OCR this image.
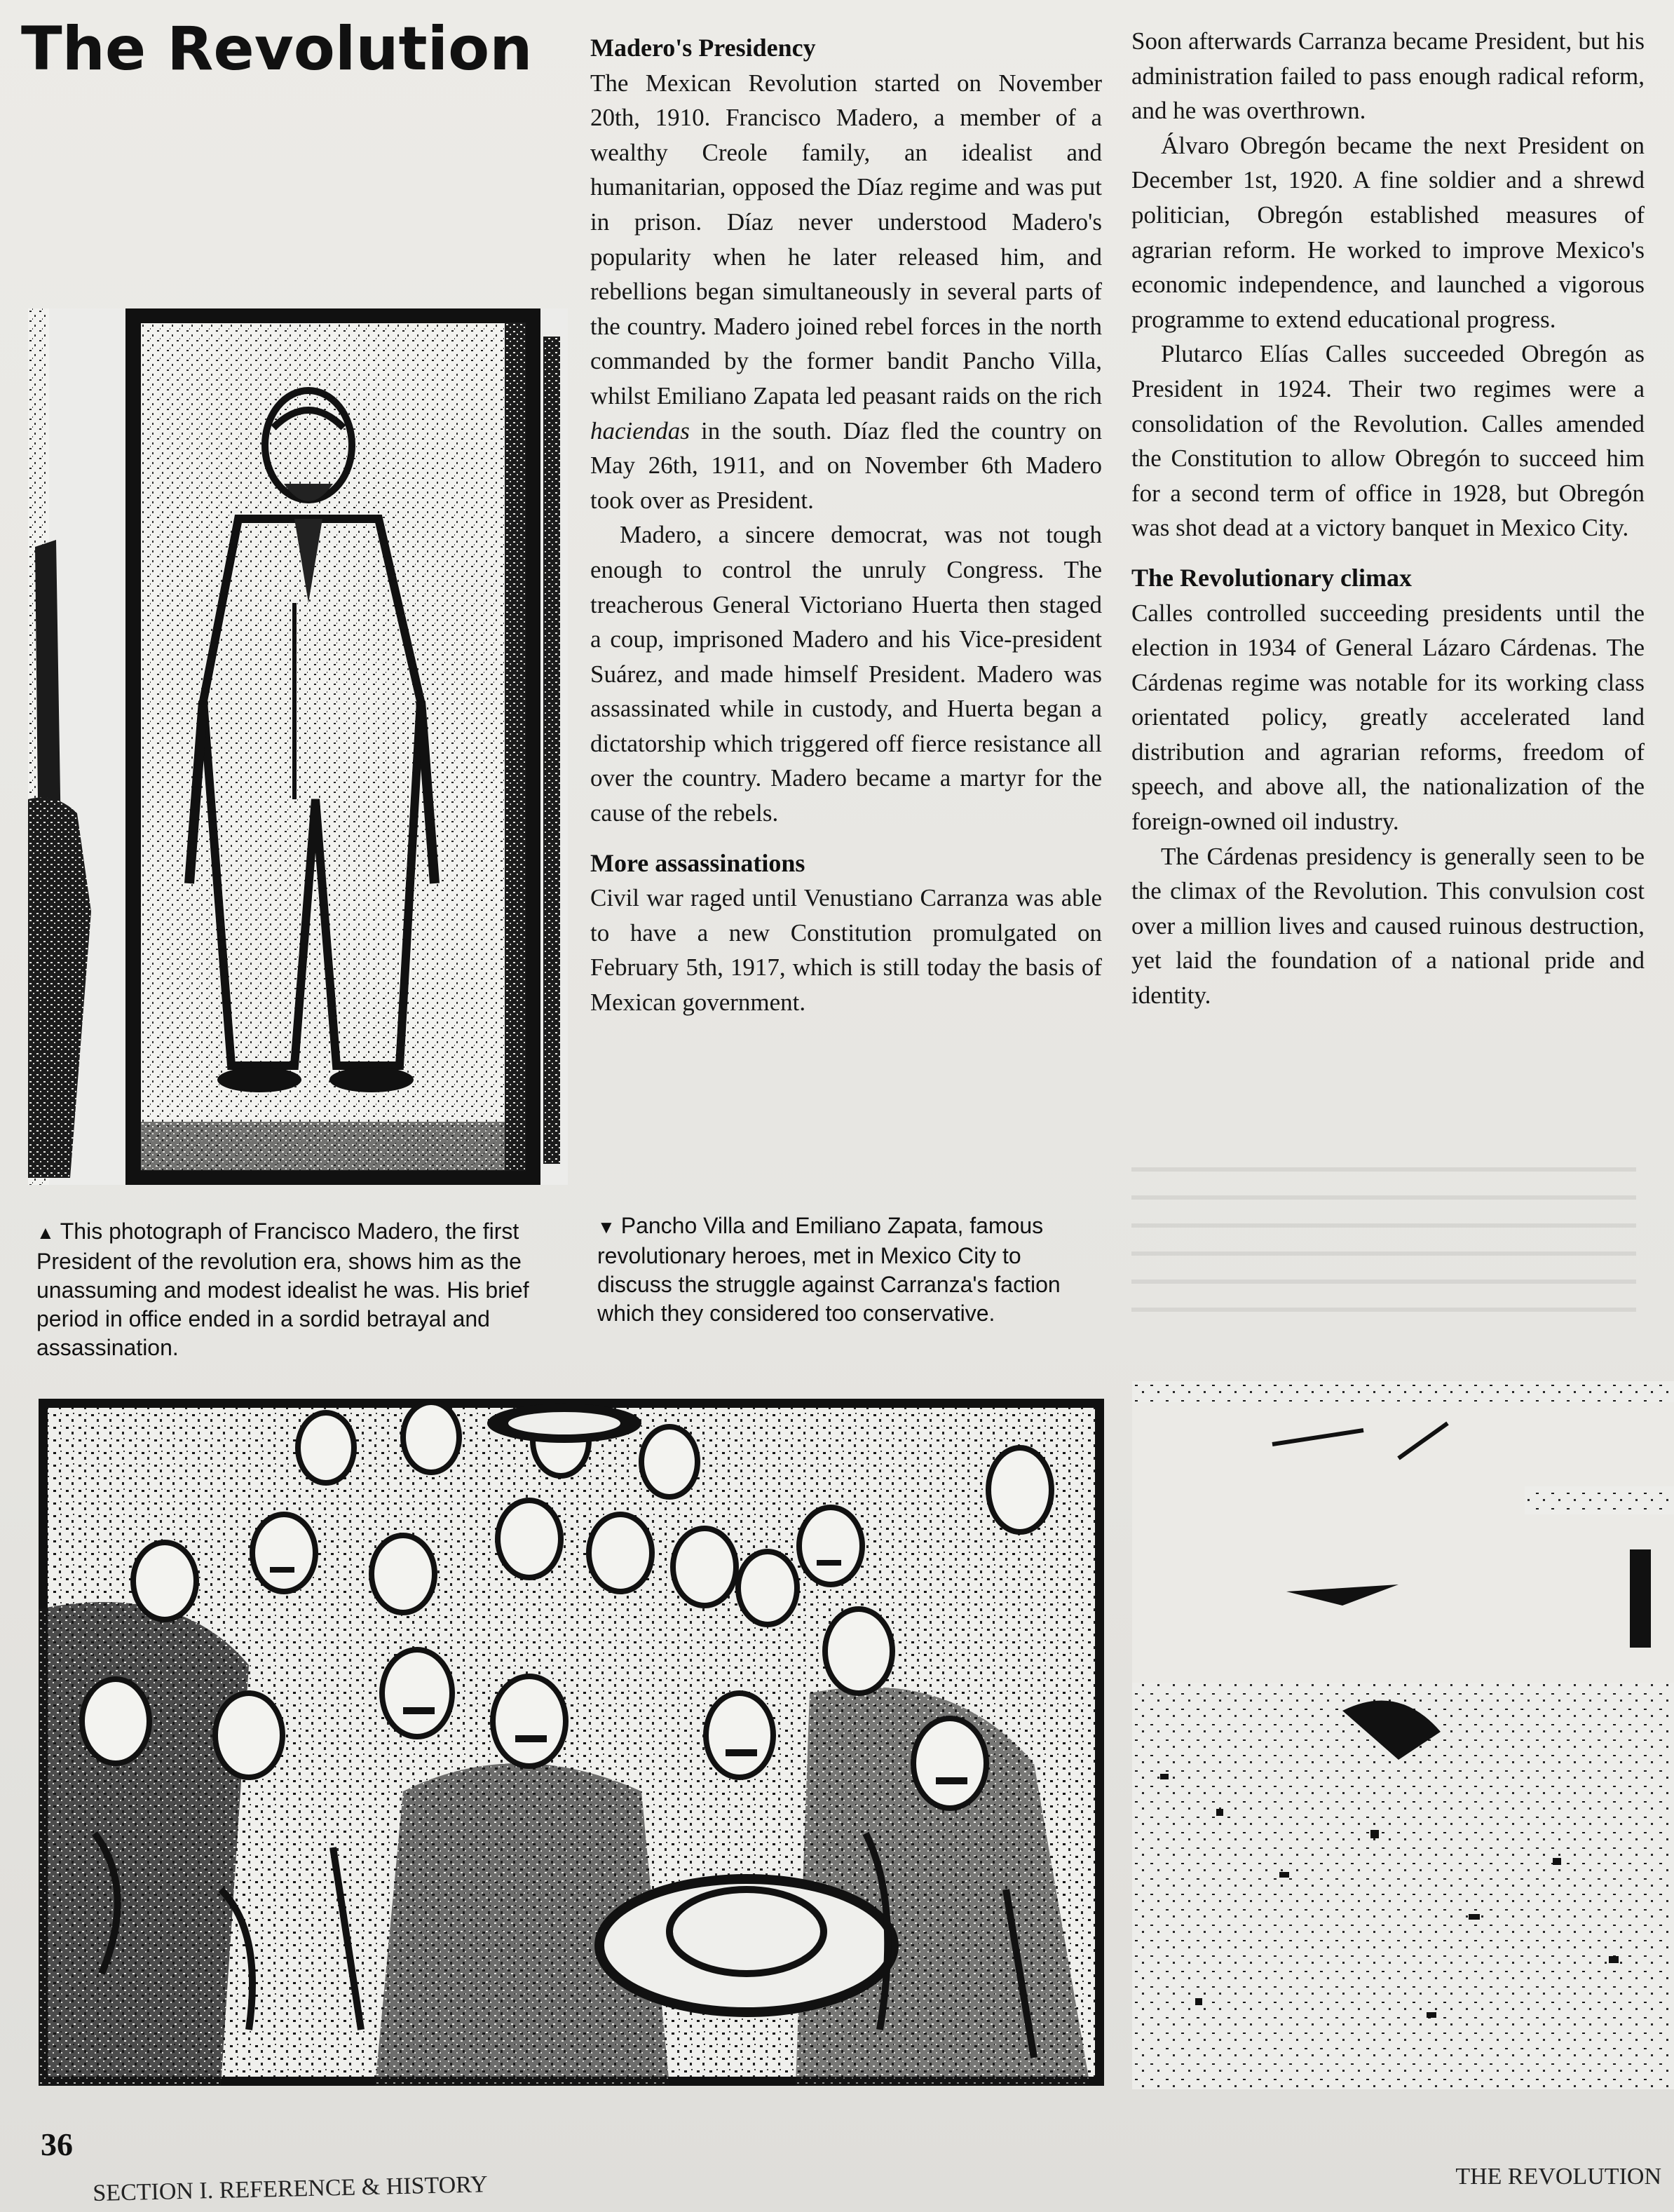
The Revolution Madero's Presidency

The Mexican Revolution started on November 20th, 1910. Francisco Madero, a member of a wealthy Creole family, an idealist and humanitarian, opposed the Díaz regime and was put in prison. Díaz never understood Madero's popularity when he later released him, and rebellions began simultaneously in several parts of the country. Madero joined rebel forces in the north commanded by the former bandit Pancho Villa, whilst Emiliano Zapata led peasant raids on the rich haciendas in the south. Díaz fled the country on May 26th, 1911, and on November 6th Madero took over as President.

Madero, a sincere democrat, was not tough enough to control the unruly Congress. The treacherous General Victoriano Huerta then staged a coup, imprisoned Madero and his Vice-president Suárez, and made himself President. Madero was assassinated while in custody, and Huerta began a dictatorship which triggered off fierce resistance all over the country. Madero became a martyr for the cause of the rebels.

More assassinations

Civil war raged until Venustiano Carranza was able to have a new Constitution promulgated on February 5th, 1917, which is still today the basis of Mexican government.

Soon afterwards Carranza became President, but his administration failed to pass enough radical reform, and he was overthrown.

Álvaro Obregón became the next President on December 1st, 1920. A fine soldier and a shrewd politician, Obregón established measures of agrarian reform. He worked to improve Mexico's economic independence, and launched a vigorous programme to extend educational progress.

Plutarco Elías Calles succeeded Obregón as President in 1924. Their two regimes were a consolidation of the Revolution. Calles amended the Constitution to allow Obregón to succeed him for a second term of office in 1928, but Obregón was shot dead at a victory banquet in Mexico City.

The Revolutionary climax

Calles controlled succeeding presidents until the election in 1934 of General Lázaro Cárdenas. The Cárdenas regime was notable for its working class orientated policy, greatly accelerated land distribution and agrarian reforms, freedom of speech, and above all, the nationalization of the foreign-owned oil industry.

The Cárdenas presidency is generally seen to be the climax of the Revolution. This convulsion cost over a million lives and caused ruinous destruction, yet laid the foundation of a national pride and identity.

▲ This photograph of Francisco Madero, the first President of the revolution era, shows him as the unassuming and modest idealist he was. His brief period in office ended in a sordid betrayal and assassination.
▼ Pancho Villa and Emiliano Zapata, famous revolutionary heroes, met in Mexico City to discuss the struggle against Carranza's faction which they considered too conservative.
36
SECTION I. REFERENCE & HISTORY	THE REVOLUTION
